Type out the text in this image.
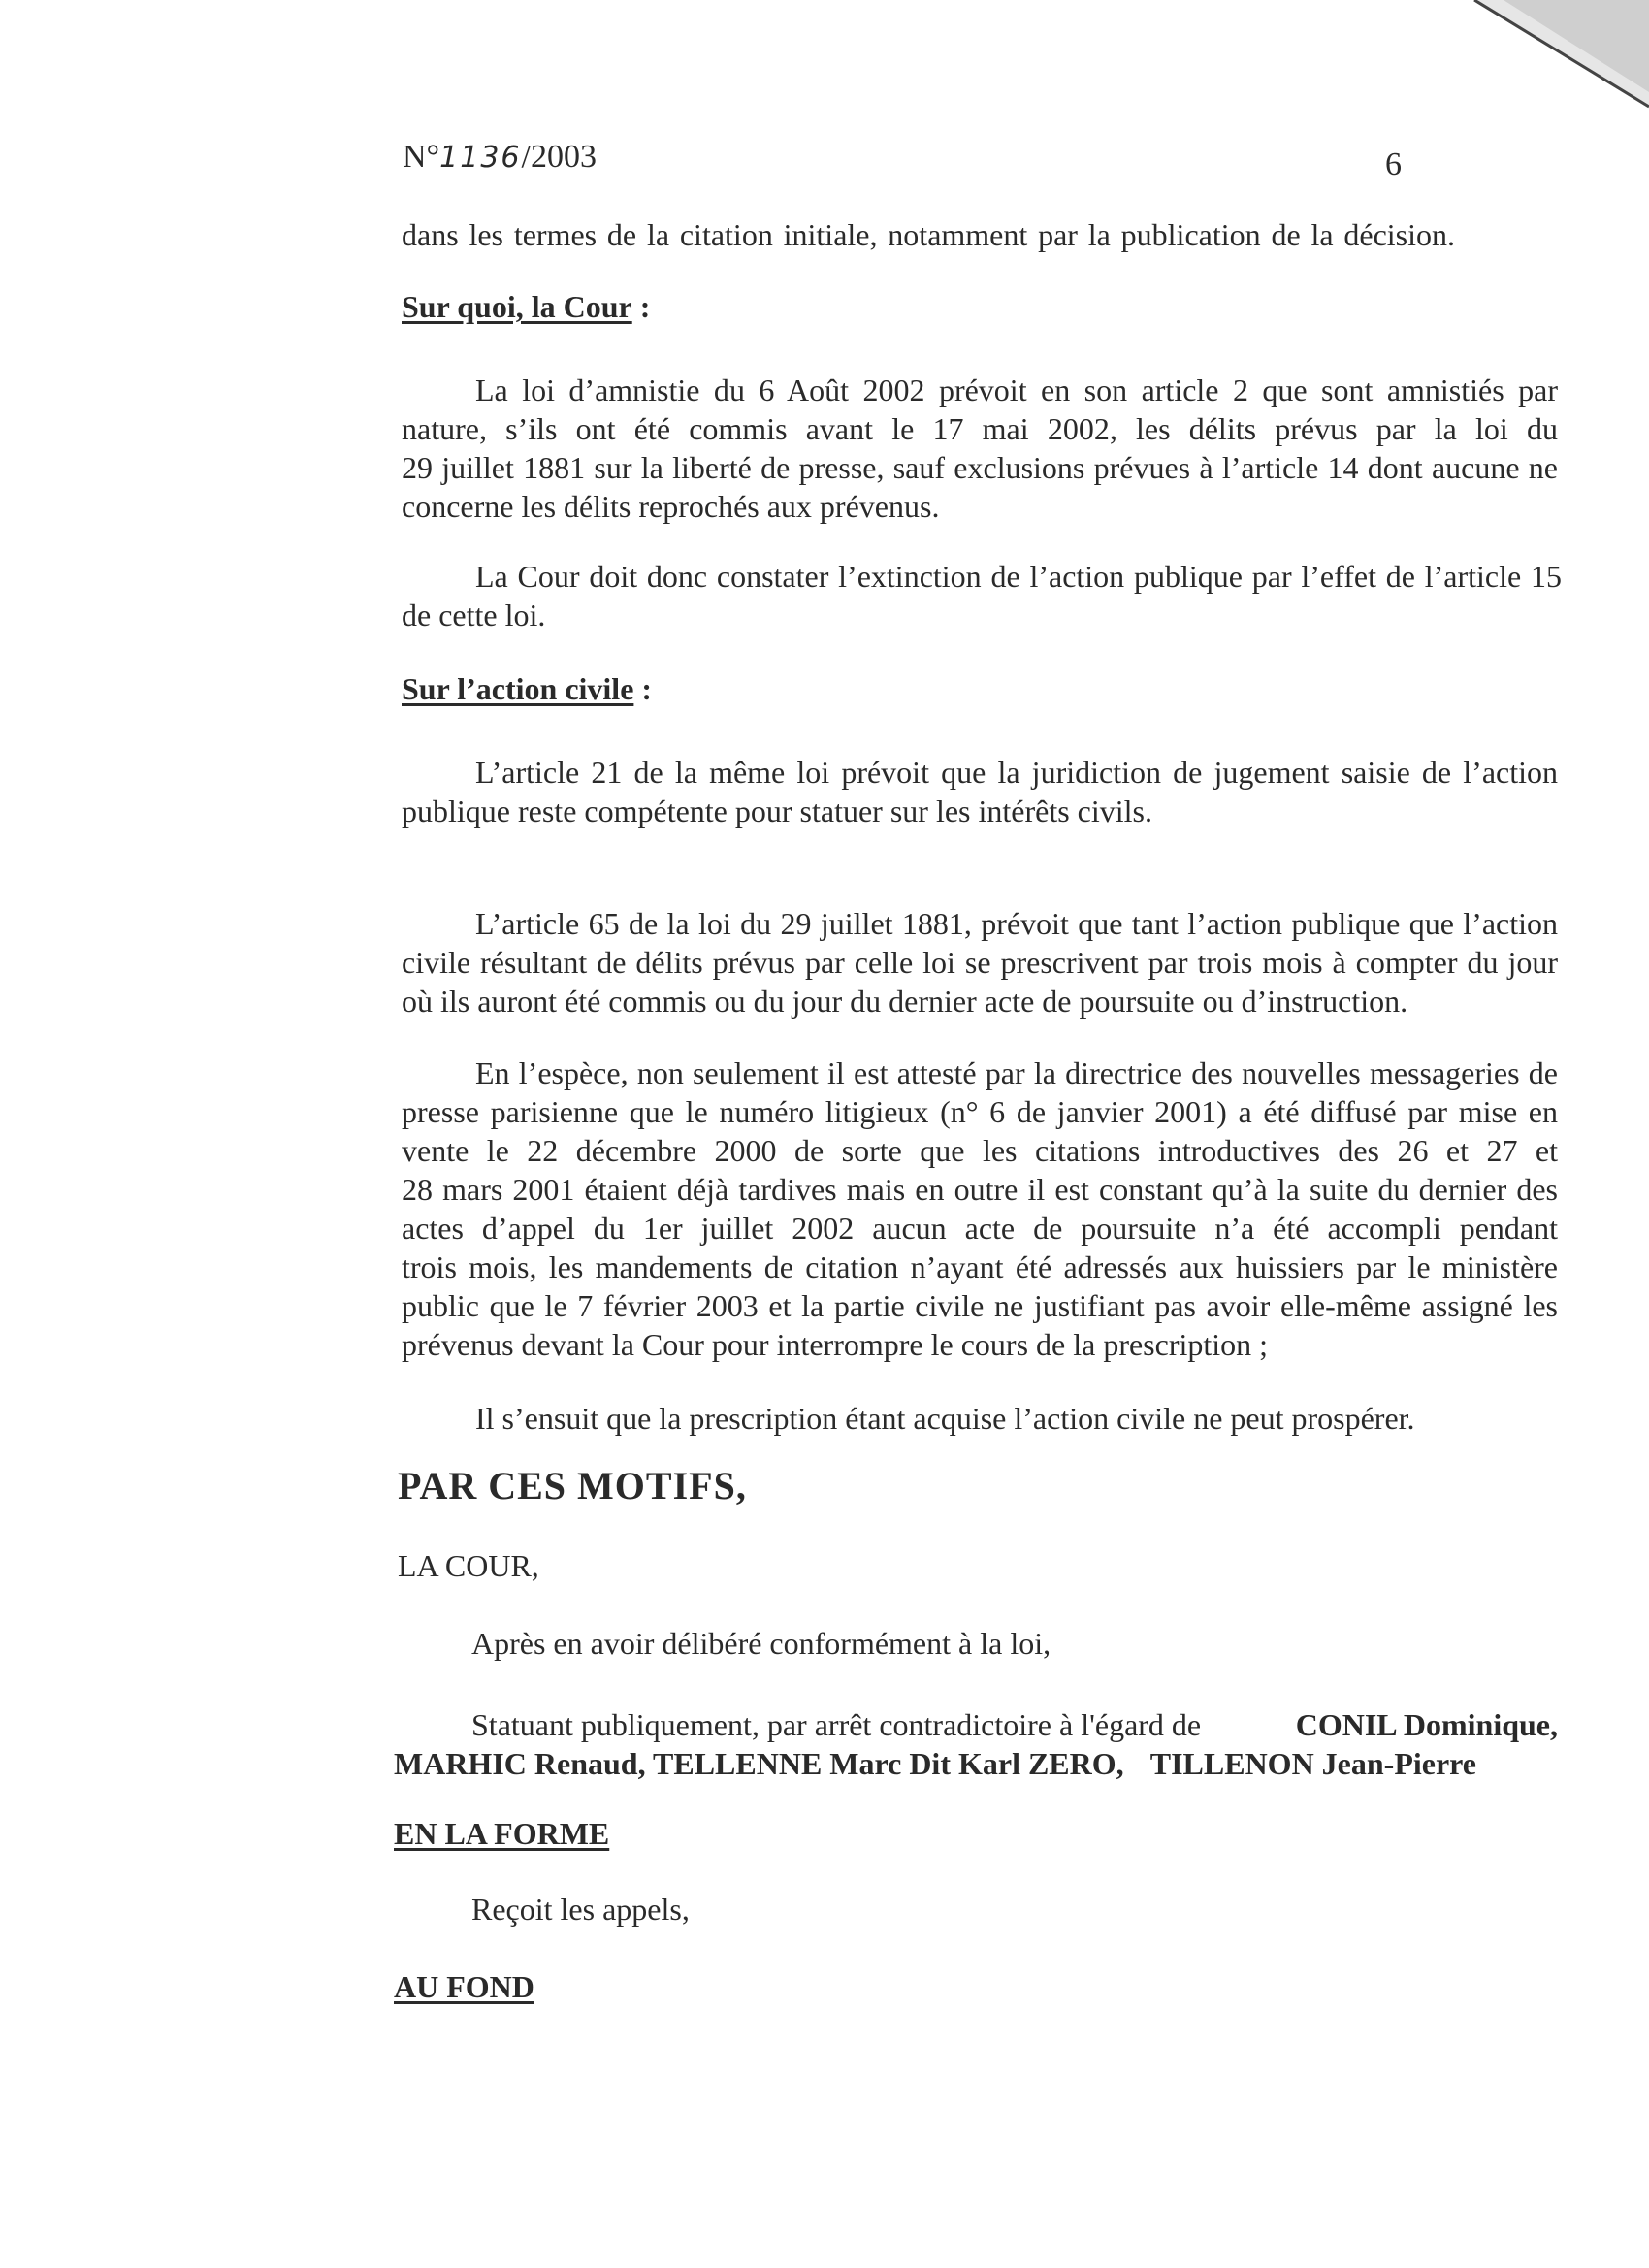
N°1136/2003	6

dans les termes de la citation initiale, notamment par la publication de la décision.

Sur quoi, la Cour :

La loi d’amnistie du 6 Août 2002 prévoit en son article 2 que sont amnistiés par

nature, s’ils ont été commis avant le 17 mai 2002, les délits prévus par la loi du

29 juillet 1881 sur la liberté de presse, sauf exclusions prévues à l’article 14 dont aucune ne

concerne les délits reprochés aux prévenus.

La Cour doit donc constater l’extinction de l’action publique par l’effet de l’article 15

de cette loi.

Sur l’action civile :

L’article 21 de la même loi prévoit que la juridiction de jugement saisie de l’action

publique reste compétente pour statuer sur les intérêts civils.

L’article 65 de la loi du 29 juillet 1881, prévoit que tant l’action publique que l’action

civile résultant de délits prévus par celle loi se prescrivent par trois mois à compter du jour

où ils auront été commis ou du jour du dernier acte de poursuite ou d’instruction.

En l’espèce, non seulement il est attesté par la directrice des nouvelles messageries de

presse parisienne que le numéro litigieux (n° 6 de janvier 2001) a été diffusé par mise en

vente le 22 décembre 2000 de sorte que les citations introductives des 26 et 27 et

28 mars 2001 étaient déjà tardives mais en outre il est constant qu’à la suite du dernier des

actes d’appel du 1er juillet 2002 aucun acte de poursuite n’a été accompli pendant

trois mois, les mandements de citation n’ayant été adressés aux huissiers par le ministère

public que le 7 février 2003 et la partie civile ne justifiant pas avoir elle-même assigné les

prévenus devant la Cour pour interrompre le cours de la prescription ;

Il s’ensuit que la prescription étant acquise l’action civile ne peut prospérer.

PAR CES MOTIFS,

LA COUR,

Après en avoir délibéré conformément à la loi,

Statuant publiquement, par arrêt contradictoire à l'égard de	CONIL Dominique,

MARHIC Renaud, TELLENNE Marc Dit Karl ZERO, TILLENON Jean-Pierre

EN LA FORME

Reçoit les appels,

AU FOND
